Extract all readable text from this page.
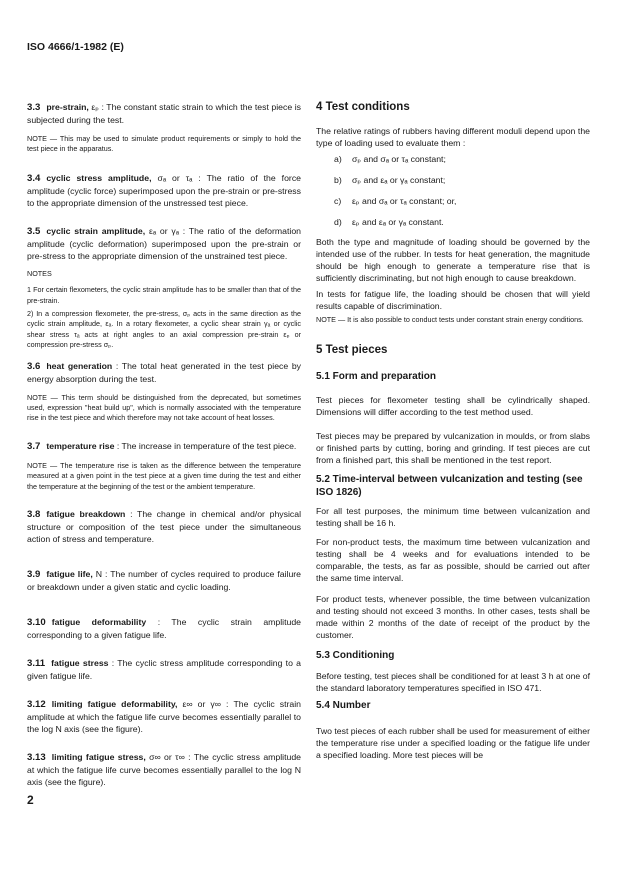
ISO 4666/1-1982 (E)
3.3 pre-strain, εₚ : The constant static strain to which the test piece is subjected during the test.
NOTE — This may be used to simulate product requirements or simply to hold the test piece in the apparatus.
3.4 cyclic stress amplitude, σₐ or τₐ : The ratio of the force amplitude (cyclic force) superimposed upon the pre-strain or pre-stress to the appropriate dimension of the unstressed test piece.
3.5 cyclic strain amplitude, εₐ or γₐ : The ratio of the deformation amplitude (cyclic deformation) superimposed upon the pre-strain or pre-stress to the appropriate dimension of the unstrained test piece.
NOTES
1 For certain flexometers, the cyclic strain amplitude has to be smaller than that of the pre-strain.
2) In a compression flexometer, the pre-stress, σₚ acts in the same direction as the cyclic strain amplitude, εₐ. In a rotary flexometer, a cyclic shear strain γₐ or cyclic shear stress τₐ acts at right angles to an axial compression pre-strain εₚ or compression pre-stress σₚ.
3.6 heat generation : The total heat generated in the test piece by energy absorption during the test.
NOTE — This term should be distinguished from the deprecated, but sometimes used, expression "heat build up", which is normally associated with the temperature rise in the test piece and which therefore may not take account of heat losses.
3.7 temperature rise : The increase in temperature of the test piece.
NOTE — The temperature rise is taken as the difference between the temperature measured at a given point in the test piece at a given time during the test and either the temperature at the beginning of the test or the ambient temperature.
3.8 fatigue breakdown : The change in chemical and/or physical structure or composition of the test piece under the simultaneous action of stress and temperature.
3.9 fatigue life, N : The number of cycles required to produce failure or breakdown under a given static and cyclic loading.
3.10 fatigue deformability : The cyclic strain amplitude corresponding to a given fatigue life.
3.11 fatigue stress : The cyclic stress amplitude corresponding to a given fatigue life.
3.12 limiting fatigue deformability, ε∞ or γ∞ : The cyclic strain amplitude at which the fatigue life curve becomes essentially parallel to the log N axis (see the figure).
3.13 limiting fatigue stress, σ∞ or τ∞ : The cyclic stress amplitude at which the fatigue life curve becomes essentially parallel to the log N axis (see the figure).
2
4 Test conditions
The relative ratings of rubbers having different moduli depend upon the type of loading used to evaluate them :
a) σₚ and σₐ or τₐ constant;
b) σₚ and εₐ or γₐ constant;
c) εₚ and σₐ or τₐ constant; or,
d) εₚ and εₐ or γₐ constant.
Both the type and magnitude of loading should be governed by the intended use of the rubber. In tests for heat generation, the magnitude should be high enough to generate a temperature rise that is sufficiently discriminating, but not high enough to cause breakdown.
In tests for fatigue life, the loading should be chosen that will yield results capable of discrimination.
NOTE — It is also possible to conduct tests under constant strain energy conditions.
5 Test pieces
5.1 Form and preparation
Test pieces for flexometer testing shall be cylindrically shaped. Dimensions will differ according to the test method used.
Test pieces may be prepared by vulcanization in moulds, or from slabs or finished parts by cutting, boring and grinding. If test pieces are cut from a finished part, this shall be mentioned in the test report.
5.2 Time-interval between vulcanization and testing (see ISO 1826)
For all test purposes, the minimum time between vulcanization and testing shall be 16 h.
For non-product tests, the maximum time between vulcanization and testing shall be 4 weeks and for evaluations intended to be comparable, the tests, as far as possible, should be carried out after the same time interval.
For product tests, whenever possible, the time between vulcanization and testing should not exceed 3 months. In other cases, tests shall be made within 2 months of the date of receipt of the product by the customer.
5.3 Conditioning
Before testing, test pieces shall be conditioned for at least 3 h at one of the standard laboratory temperatures specified in ISO 471.
5.4 Number
Two test pieces of each rubber shall be used for measurement of either the temperature rise under a specified loading or the fatigue life under a specified loading. More test pieces will be
